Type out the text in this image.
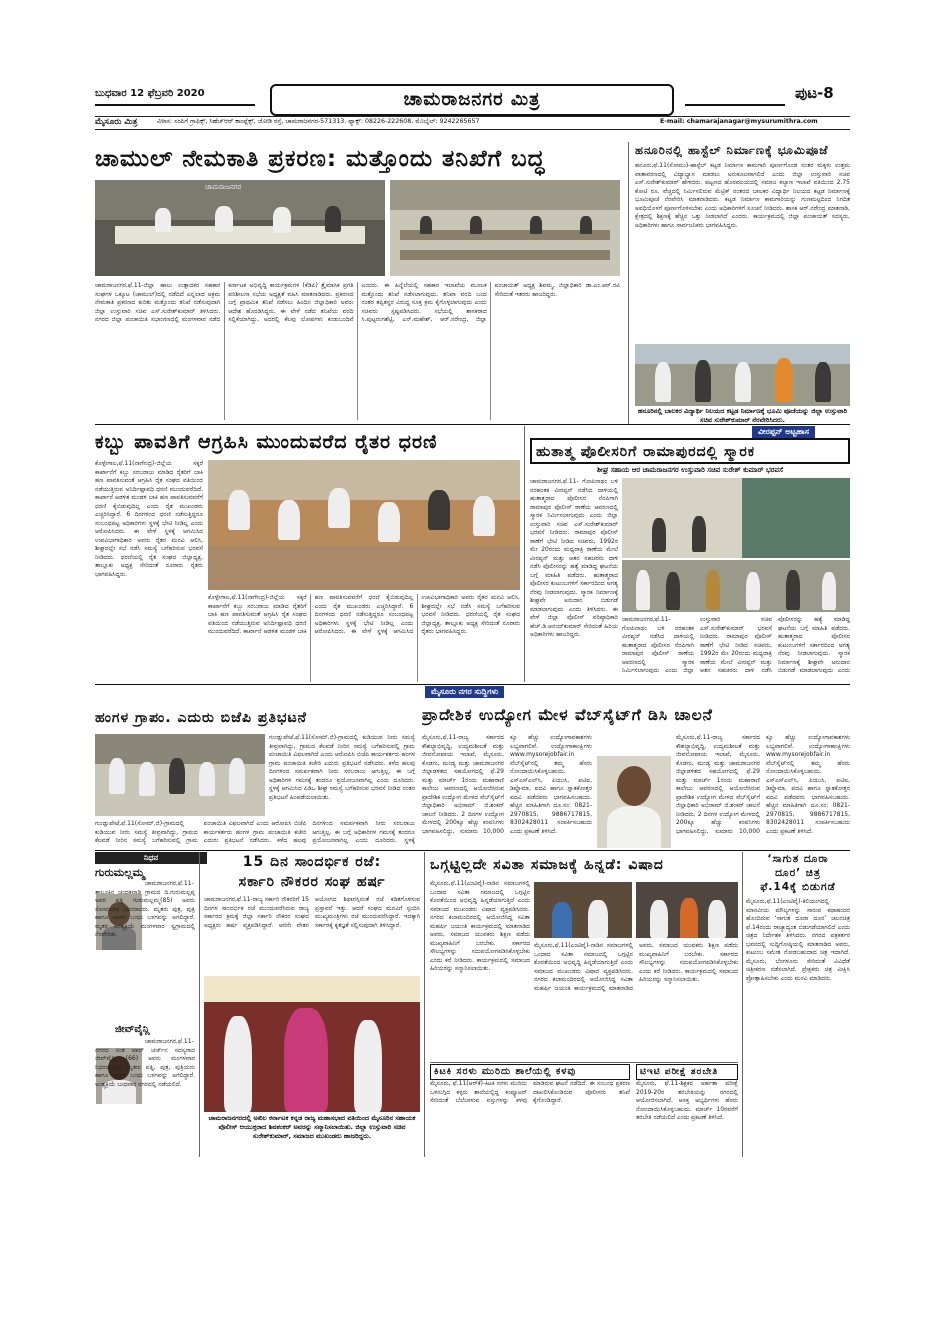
ಬುಧವಾರ 12 ಫೆಬ್ರವರಿ 2020	ಚಾಮರಾಜನಗರ ಮಿತ್ರ	ಪುಟ-8
ಮೈಸೂರು ಮಿತ್ರ	ವಿಳಾಸ: ಸಂಪಿಗೆ ಗ್ರಾಫಿಕ್ಸ್, ಸಿಹೆಚ್‌ಆರ್ ಕಾಂಪ್ಲೆಕ್ಸ್, ಜೋಡಿ ರಸ್ತೆ, ಚಾಮರಾಜನಗರ-571313. ಫ್ಯಾಕ್ಸ್: 08226-222608, ಮೊಬೈಲ್: 9242265657	E-mail: chamarajanagar@mysurumithra.com
ಚಾಮುಲ್ ನೇಮಕಾತಿ ಪ್ರಕರಣ: ಮತ್ತೊಂದು ತನಿಖೆಗೆ ಬದ್ಧ
ಚಾಮರಾಜನಗರ
ಚಾಮರಾಜನಗರ,ಫೆ.11-ಜಿಲ್ಲಾ ಹಾಲು ಉತ್ಪಾದಕರ ಸಹಕಾರ ಸಂಘಗಳ ಒಕ್ಕೂಟ (ಚಾಮುಲ್)ದಲ್ಲಿ ನಡೆದಿದೆ ಎನ್ನಲಾದ ಅಕ್ರಮ ನೇಮಕಾತಿ ಪ್ರಕರಣದ ಕುರಿತು ಮತ್ತೊಂದು ತನಿಖೆ ನಡೆಸುವುದಾಗಿ ಜಿಲ್ಲಾ ಉಸ್ತುವಾರಿ ಸಚಿವ ಎಸ್.ಸುರೇಶ್‌ಕುಮಾರ್ ತಿಳಿಸಿದರು. ನಗರದ ಜಿಲ್ಲಾ ಪಂಚಾಯಿತಿ ಸಭಾಂಗಣದಲ್ಲಿ ಮಂಗಳವಾರ ನಡೆದ ಕರ್ನಾಟಕ ಅಭಿವೃದ್ಧಿ ಕಾರ್ಯಕ್ರಮಗಳ (ಕೆಡಿಪಿ) ತ್ರೈಮಾಸಿಕ ಪ್ರಗತಿ ಪರಿಶೀಲನಾ ಸಭೆಯ ಅಧ್ಯಕ್ಷತೆ ವಹಿಸಿ ಮಾತನಾಡಿದರು. ಪ್ರಕರಣದ ಬಗ್ಗೆ ಪ್ರಾಥಮಿಕ ತನಿಖೆ ನಡೆಸಲು ಹಿಂದಿನ ಜಿಲ್ಲಾಧಿಕಾರಿ ಅವರು ಆದೇಶ ಹೊರಡಿಸಿದ್ದರು. ಈ ವೇಳೆ ನಡೆದ ತನಿಖೆಯ ವರದಿ ಸಲ್ಲಿಕೆಯಾಗಿದ್ದು, ಅದರಲ್ಲಿ ಕೆಲವು ಲೋಪಗಳು ಕಂಡುಬಂದಿವೆ ಎಂದರು. ಈ ಹಿನ್ನೆಲೆಯಲ್ಲಿ ಸಹಕಾರ ಇಲಾಖೆಯ ಮೂಲಕ ಮತ್ತೊಂದು ತನಿಖೆ ನಡೆಸಲಾಗುವುದು. ತನಿಖಾ ವರದಿ ಬಂದ ನಂತರ ತಪ್ಪಿತಸ್ಥರ ವಿರುದ್ಧ ಸೂಕ್ತ ಕ್ರಮ ಕೈಗೊಳ್ಳಲಾಗುವುದು ಎಂದು ಸಚಿವರು ಸ್ಪಷ್ಟಪಡಿಸಿದರು. ಸಭೆಯಲ್ಲಿ ಶಾಸಕರಾದ ಸಿ.ಪುಟ್ಟರಂಗಶೆಟ್ಟಿ, ಎನ್.ಮಹೇಶ್, ಆರ್.ನರೇಂದ್ರ, ಜಿಲ್ಲಾ ಪಂಚಾಯತ್ ಅಧ್ಯಕ್ಷ ಶಿವಮ್ಮ, ಜಿಲ್ಲಾಧಿಕಾರಿ ಡಾ.ಎಂ.ಆರ್.ರವಿ ಸೇರಿದಂತೆ ಇತರರು ಹಾಜರಿದ್ದರು.
ಹನೂರಿನಲ್ಲಿ ಹಾಸ್ಟೆಲ್ ನಿರ್ಮಾಣಕ್ಕೆ ಭೂಮಿಪೂಜೆ
ಹನೂರು,ಫೆ.11(ಸೋಮು)-ಹಾಸ್ಟೆಲ್ ಕಟ್ಟಡ ನಿರ್ಮಾಣ ಕಾಮಗಾರಿ ಪೂರ್ಣಗೊಂಡ ನಂತರ ಮಕ್ಕಳು ಉತ್ತಮ ವಾತಾವರಣದಲ್ಲಿ ವಿದ್ಯಾಭ್ಯಾಸ ಮಾಡಲು ಅನುಕೂಲವಾಗಲಿದೆ ಎಂದು ಜಿಲ್ಲಾ ಉಸ್ತುವಾರಿ ಸಚಿವ ಎಸ್.ಸುರೇಶ್‌ಕುಮಾರ್ ಹೇಳಿದರು. ಪಟ್ಟಣದ ಹೊರವಲಯದಲ್ಲಿ ಸಮಾಜ ಕಲ್ಯಾಣ ಇಲಾಖೆ ವತಿಯಿಂದ 2.75 ಕೋಟಿ ರೂ. ವೆಚ್ಚದಲ್ಲಿ ನಿರ್ಮಿಸಲಿರುವ ಮೆಟ್ರಿಕ್ ನಂತರದ ಬಾಲಕರ ವಿದ್ಯಾರ್ಥಿ ನಿಲಯದ ಕಟ್ಟಡ ನಿರ್ಮಾಣಕ್ಕೆ ಭೂಮಿಪೂಜೆ ನೆರವೇರಿಸಿ ಮಾತನಾಡಿದರು. ಕಟ್ಟಡ ನಿರ್ಮಾಣ ಕಾಮಗಾರಿಯನ್ನು ಗುಣಮಟ್ಟದಿಂದ ನಿಗದಿತ ಅವಧಿಯೊಳಗೆ ಪೂರ್ಣಗೊಳಿಸಬೇಕು ಎಂದು ಅಧಿಕಾರಿಗಳಿಗೆ ಸೂಚನೆ ನೀಡಿದರು. ಶಾಸಕ ಆರ್.ನರೇಂದ್ರ ಮಾತನಾಡಿ, ಕ್ಷೇತ್ರದಲ್ಲಿ ಶಿಕ್ಷಣಕ್ಕೆ ಹೆಚ್ಚಿನ ಒತ್ತು ನೀಡಲಾಗಿದೆ ಎಂದರು. ಕಾರ್ಯಕ್ರಮದಲ್ಲಿ ಜಿಲ್ಲಾ ಪಂಚಾಯತ್ ಸದಸ್ಯರು, ಅಧಿಕಾರಿಗಳು ಹಾಗೂ ಸಾರ್ವಜನಿಕರು ಭಾಗವಹಿಸಿದ್ದರು.
ಹನೂರಿನಲ್ಲಿ ಬಾಲಕರ ವಿದ್ಯಾರ್ಥಿ ನಿಲಯದ ಕಟ್ಟಡ ನಿರ್ಮಾಣಕ್ಕೆ ಭೂಮಿ ಪೂಜೆಯನ್ನು ಜಿಲ್ಲಾ ಉಸ್ತುವಾರಿ ಸಚಿವ ಸುರೇಶ್‌ಕುಮಾರ್ ನೆರವೇರಿಸಿದರು.
ಕಬ್ಬು ಪಾವತಿಗೆ ಆಗ್ರಹಿಸಿ ಮುಂದುವರೆದ ರೈತರ ಧರಣಿ
ಕೊಳ್ಳೇಗಾಲ,ಫೆ.11(ನಾಗೇಂದ್ರ)-ಜಿಲ್ಲೆಯ ಸಕ್ಕರೆ ಕಾರ್ಖಾನೆಗೆ ಕಬ್ಬು ಸರಬರಾಜು ಮಾಡಿದ ರೈತರಿಗೆ ಬಾಕಿ ಹಣ ಪಾವತಿಸುವಂತೆ ಆಗ್ರಹಿಸಿ ರೈತ ಸಂಘದ ವತಿಯಿಂದ ನಡೆಯುತ್ತಿರುವ ಅನಿರ್ದಿಷ್ಟಾವಧಿ ಧರಣಿ ಮುಂದುವರೆದಿದೆ. ಕಾರ್ಖಾನೆ ಆಡಳಿತ ಮಂಡಳಿ ಬಾಕಿ ಹಣ ಪಾವತಿಸುವವರೆಗೆ ಧರಣಿ ಕೈಬಿಡುವುದಿಲ್ಲ ಎಂದು ರೈತ ಮುಖಂಡರು ಎಚ್ಚರಿಸಿದ್ದಾರೆ. 6 ದಿನಗಳಿಂದ ಧರಣಿ ನಡೆಸುತ್ತಿದ್ದರೂ ಸಂಬಂಧಪಟ್ಟ ಅಧಿಕಾರಿಗಳು ಸ್ಥಳಕ್ಕೆ ಭೇಟಿ ನೀಡಿಲ್ಲ ಎಂದು ಆರೋಪಿಸಿದರು. ಈ ವೇಳೆ ಸ್ಥಳಕ್ಕೆ ಆಗಮಿಸಿದ ಉಪವಿಭಾಗಾಧಿಕಾರಿ ಅವರು ರೈತರ ಮನವಿ ಆಲಿಸಿ, ಶೀಘ್ರದಲ್ಲೇ ಸಭೆ ನಡೆಸಿ ಸಮಸ್ಯೆ ಬಗೆಹರಿಸುವ ಭರವಸೆ ನೀಡಿದರು. ಧರಣಿಯಲ್ಲಿ ರೈತ ಸಂಘದ ಜಿಲ್ಲಾಧ್ಯಕ್ಷ, ತಾಲ್ಲೂಕು ಅಧ್ಯಕ್ಷ ಸೇರಿದಂತೆ ನೂರಾರು ರೈತರು ಭಾಗವಹಿಸಿದ್ದರು.
ಕೊಳ್ಳೇಗಾಲ,ಫೆ.11(ನಾಗೇಂದ್ರ)-ಜಿಲ್ಲೆಯ ಸಕ್ಕರೆ ಕಾರ್ಖಾನೆಗೆ ಕಬ್ಬು ಸರಬರಾಜು ಮಾಡಿದ ರೈತರಿಗೆ ಬಾಕಿ ಹಣ ಪಾವತಿಸುವಂತೆ ಆಗ್ರಹಿಸಿ ರೈತ ಸಂಘದ ವತಿಯಿಂದ ನಡೆಯುತ್ತಿರುವ ಅನಿರ್ದಿಷ್ಟಾವಧಿ ಧರಣಿ ಮುಂದುವರೆದಿದೆ. ಕಾರ್ಖಾನೆ ಆಡಳಿತ ಮಂಡಳಿ ಬಾಕಿ ಹಣ ಪಾವತಿಸುವವರೆಗೆ ಧರಣಿ ಕೈಬಿಡುವುದಿಲ್ಲ ಎಂದು ರೈತ ಮುಖಂಡರು ಎಚ್ಚರಿಸಿದ್ದಾರೆ. 6 ದಿನಗಳಿಂದ ಧರಣಿ ನಡೆಸುತ್ತಿದ್ದರೂ ಸಂಬಂಧಪಟ್ಟ ಅಧಿಕಾರಿಗಳು ಸ್ಥಳಕ್ಕೆ ಭೇಟಿ ನೀಡಿಲ್ಲ ಎಂದು ಆರೋಪಿಸಿದರು. ಈ ವೇಳೆ ಸ್ಥಳಕ್ಕೆ ಆಗಮಿಸಿದ ಉಪವಿಭಾಗಾಧಿಕಾರಿ ಅವರು ರೈತರ ಮನವಿ ಆಲಿಸಿ, ಶೀಘ್ರದಲ್ಲೇ ಸಭೆ ನಡೆಸಿ ಸಮಸ್ಯೆ ಬಗೆಹರಿಸುವ ಭರವಸೆ ನೀಡಿದರು. ಧರಣಿಯಲ್ಲಿ ರೈತ ಸಂಘದ ಜಿಲ್ಲಾಧ್ಯಕ್ಷ, ತಾಲ್ಲೂಕು ಅಧ್ಯಕ್ಷ ಸೇರಿದಂತೆ ನೂರಾರು ರೈತರು ಭಾಗವಹಿಸಿದ್ದರು.
ವೀರಪ್ಪನ್ ಅಟ್ಟಹಾಸ
ಹುತಾತ್ಮ ಪೊಲೀಸರಿಗೆ ರಾಮಾಪುರದಲ್ಲಿ ಸ್ಮಾರಕ
ಶೀಘ್ರ ಸಹಾಯ ಆರ ಚಾಮರಾಜನಗರ ಉಸ್ತುವಾರಿ ಸಚಿವ ಸುರೇಶ್ ಕುಮಾರ್ ಭರವಸೆ
ಚಾಮರಾಜನಗರ,ಫೆ.11- ಗೋಪಿನಾಥಂ ಬಳಿ ನರಹಂತಕ ವೀರಪ್ಪನ್ ನಡೆಸಿದ ದಾಳಿಯಲ್ಲಿ ಹುತಾತ್ಮರಾದ ಪೊಲೀಸರ ನೆನಪಿಗಾಗಿ ರಾಮಾಪುರ ಪೊಲೀಸ್ ಠಾಣೆಯ ಆವರಣದಲ್ಲಿ ಸ್ಮಾರಕ ನಿರ್ಮಿಸಲಾಗುವುದು ಎಂದು ಜಿಲ್ಲಾ ಉಸ್ತುವಾರಿ ಸಚಿವ ಎಸ್.ಸುರೇಶ್‌ಕುಮಾರ್ ಭರವಸೆ ನೀಡಿದರು. ರಾಮಾಪುರ ಪೊಲೀಸ್ ಠಾಣೆಗೆ ಭೇಟಿ ನೀಡಿದ ಸಚಿವರು, 1992ರ ಮೇ 20ರಂದು ಮಧ್ಯರಾತ್ರಿ ಠಾಣೆಯ ಮೇಲೆ ವೀರಪ್ಪನ್ ಮತ್ತು ಆತನ ಸಹಚರರು ದಾಳಿ ನಡೆಸಿ ಪೊಲೀಸರನ್ನು ಹತ್ಯೆ ಮಾಡಿದ್ದ ಘಟನೆಯ ಬಗ್ಗೆ ಮಾಹಿತಿ ಪಡೆದರು. ಹುತಾತ್ಮರಾದ ಪೊಲೀಸರ ಕುಟುಂಬಗಳಿಗೆ ಸರ್ಕಾರದಿಂದ ಅಗತ್ಯ ನೆರವು ನೀಡಲಾಗುವುದು. ಸ್ಮಾರಕ ನಿರ್ಮಾಣಕ್ಕೆ ಶೀಘ್ರವೇ ಅನುದಾನ ಬಿಡುಗಡೆ ಮಾಡಲಾಗುವುದು ಎಂದು ತಿಳಿಸಿದರು. ಈ ವೇಳೆ ಜಿಲ್ಲಾ ಪೊಲೀಸ್ ವರಿಷ್ಠಾಧಿಕಾರಿ ಹೆಚ್.ಡಿ.ಆನಂದ್‌ಕುಮಾರ್ ಸೇರಿದಂತೆ ಹಿರಿಯ ಅಧಿಕಾರಿಗಳು ಹಾಜರಿದ್ದರು.
ಚಾಮರಾಜನಗರ,ಫೆ.11- ಗೋಪಿನಾಥಂ ಬಳಿ ನರಹಂತಕ ವೀರಪ್ಪನ್ ನಡೆಸಿದ ದಾಳಿಯಲ್ಲಿ ಹುತಾತ್ಮರಾದ ಪೊಲೀಸರ ನೆನಪಿಗಾಗಿ ರಾಮಾಪುರ ಪೊಲೀಸ್ ಠಾಣೆಯ ಆವರಣದಲ್ಲಿ ಸ್ಮಾರಕ ನಿರ್ಮಿಸಲಾಗುವುದು ಎಂದು ಜಿಲ್ಲಾ ಉಸ್ತುವಾರಿ ಸಚಿವ ಎಸ್.ಸುರೇಶ್‌ಕುಮಾರ್ ಭರವಸೆ ನೀಡಿದರು. ರಾಮಾಪುರ ಪೊಲೀಸ್ ಠಾಣೆಗೆ ಭೇಟಿ ನೀಡಿದ ಸಚಿವರು, 1992ರ ಮೇ 20ರಂದು ಮಧ್ಯರಾತ್ರಿ ಠಾಣೆಯ ಮೇಲೆ ವೀರಪ್ಪನ್ ಮತ್ತು ಆತನ ಸಹಚರರು ದಾಳಿ ನಡೆಸಿ ಪೊಲೀಸರನ್ನು ಹತ್ಯೆ ಮಾಡಿದ್ದ ಘಟನೆಯ ಬಗ್ಗೆ ಮಾಹಿತಿ ಪಡೆದರು. ಹುತಾತ್ಮರಾದ ಪೊಲೀಸರ ಕುಟುಂಬಗಳಿಗೆ ಸರ್ಕಾರದಿಂದ ಅಗತ್ಯ ನೆರವು ನೀಡಲಾಗುವುದು. ಸ್ಮಾರಕ ನಿರ್ಮಾಣಕ್ಕೆ ಶೀಘ್ರವೇ ಅನುದಾನ ಬಿಡುಗಡೆ ಮಾಡಲಾಗುವುದು ಎಂದು
ಹಂಗಳ ಗ್ರಾಪಂ. ಎದುರು ಬಿಜೆಪಿ ಪ್ರತಿಭಟನೆ
ಗುಂಡ್ಲುಪೇಟೆ,ಫೆ.11(ಸೋಮ್.ಜಿ)-ಗ್ರಾಮದಲ್ಲಿ ಕುಡಿಯುವ ನೀರು ಸಮಸ್ಯೆ ತೀವ್ರವಾಗಿದ್ದು, ಗ್ರಾಮದ ಕೆಲವಡೆ ನೀರಿನ ಸಮಸ್ಯೆ ಬಗೆಹರಿಸುವಲ್ಲಿ ಗ್ರಾಮ ಪಂಚಾಯಿತಿ ವಿಫಲವಾಗಿದೆ ಎಂದು ಆರೋಪಿಸಿ ಬಿಜೆಪಿ ಕಾರ್ಯಕರ್ತರು ಹಂಗಳ ಗ್ರಾಮ ಪಂಚಾಯಿತಿ ಕಚೇರಿ ಎದುರು ಪ್ರತಿಭಟನೆ ನಡೆಸಿದರು. ಕಳೆದ ಹಲವು ದಿನಗಳಿಂದ ಸಮರ್ಪಕವಾಗಿ ನೀರು ಸರಬರಾಜು ಆಗುತ್ತಿಲ್ಲ. ಈ ಬಗ್ಗೆ ಅಧಿಕಾರಿಗಳ ಗಮನಕ್ಕೆ ತಂದರೂ ಪ್ರಯೋಜನವಾಗಿಲ್ಲ ಎಂದು ದೂರಿದರು. ಸ್ಥಳಕ್ಕೆ ಆಗಮಿಸಿದ ಪಿಡಿಒ ಶೀಘ್ರ ಸಮಸ್ಯೆ ಬಗೆಹರಿಸುವ ಭರವಸೆ ನೀಡಿದ ನಂತರ ಪ್ರತಿಭಟನೆ ಹಿಂಪಡೆಯಲಾಯಿತು.
ಗುಂಡ್ಲುಪೇಟೆ,ಫೆ.11(ಸೋಮ್.ಜಿ)-ಗ್ರಾಮದಲ್ಲಿ ಕುಡಿಯುವ ನೀರು ಸಮಸ್ಯೆ ತೀವ್ರವಾಗಿದ್ದು, ಗ್ರಾಮದ ಕೆಲವಡೆ ನೀರಿನ ಸಮಸ್ಯೆ ಬಗೆಹರಿಸುವಲ್ಲಿ ಗ್ರಾಮ ಪಂಚಾಯಿತಿ ವಿಫಲವಾಗಿದೆ ಎಂದು ಆರೋಪಿಸಿ ಬಿಜೆಪಿ ಕಾರ್ಯಕರ್ತರು ಹಂಗಳ ಗ್ರಾಮ ಪಂಚಾಯಿತಿ ಕಚೇರಿ ಎದುರು ಪ್ರತಿಭಟನೆ ನಡೆಸಿದರು. ಕಳೆದ ಹಲವು ದಿನಗಳಿಂದ ಸಮರ್ಪಕವಾಗಿ ನೀರು ಸರಬರಾಜು ಆಗುತ್ತಿಲ್ಲ. ಈ ಬಗ್ಗೆ ಅಧಿಕಾರಿಗಳ ಗಮನಕ್ಕೆ ತಂದರೂ ಪ್ರಯೋಜನವಾಗಿಲ್ಲ ಎಂದು ದೂರಿದರು. ಸ್ಥಳಕ್ಕೆ
ಮೈಸೂರು ನಗರ ಸುದ್ದಿಗಳು
ಪ್ರಾದೇಶಿಕ ಉದ್ಯೋಗ ಮೇಳ ವೆಬ್‌ಸೈಟ್‌ಗೆ ಡಿಸಿ ಚಾಲನೆ
ಮೈಸೂರು,ಫೆ.11-ರಾಜ್ಯ ಸರ್ಕಾರದ ಕೌಶಲ್ಯಾಭಿವೃದ್ಧಿ, ಉದ್ಯಮಶೀಲತೆ ಮತ್ತು ಜೀವನೋಪಾಯ ಇಲಾಖೆ, ಮೈಸೂರು, ಕೊಡಗು, ಮಂಡ್ಯ ಮತ್ತು ಚಾಮರಾಜನಗರ ಜಿಲ್ಲಾಡಳಿತದ ಸಹಯೋಗದಲ್ಲಿ ಫೆ.29 ಮತ್ತು ಮಾರ್ಚ್ 1ರಂದು ಮಹಾರಾಣಿ ಕಾಲೇಜು ಆವರಣದಲ್ಲಿ ಆಯೋಜಿಸಿರುವ ಪ್ರಾದೇಶಿಕ ಉದ್ಯೋಗ ಮೇಳದ ವೆಬ್‌ಸೈಟ್‌ಗೆ ಜಿಲ್ಲಾಧಿಕಾರಿ ಅಭಿರಾಮ್ ಜಿ.ಶಂಕರ್ ಚಾಲನೆ ನೀಡಿದರು. 2 ದಿನಗಳ ಉದ್ಯೋಗ ಮೇಳದಲ್ಲಿ 200ಕ್ಕೂ ಹೆಚ್ಚು ಕಂಪನಿಗಳು ಭಾಗವಹಿಸಲಿದ್ದು, ಸುಮಾರು 10,000 ಕ್ಕೂ ಹೆಚ್ಚು ಉದ್ಯೋಗಾವಕಾಶಗಳು ಲಭ್ಯವಾಗಲಿವೆ. ಉದ್ಯೋಗಾಕಾಂಕ್ಷಿಗಳು www.mysorejobfair.in ವೆಬ್‌ಸೈಟ್‌ನಲ್ಲಿ ತಮ್ಮ ಹೆಸರು ನೋಂದಾಯಿಸಿಕೊಳ್ಳಬಹುದು. ಎಸ್‌ಎಸ್‌ಎಲ್‌ಸಿ, ಪಿಯುಸಿ, ಐಟಿಐ, ಡಿಪ್ಲೊಮಾ, ಪದವಿ ಹಾಗೂ ಸ್ನಾತಕೋತ್ತರ ಪದವಿ ಪಡೆದವರು ಭಾಗವಹಿಸಬಹುದು. ಹೆಚ್ಚಿನ ಮಾಹಿತಿಗಾಗಿ ದೂ.ಸಂ: 0821-2970815, 9886717815, 8302428011 ಸಂಪರ್ಕಿಸಬಹುದು ಎಂದು ಪ್ರಕಟಣೆ ತಿಳಿಸಿದೆ.
ಮೈಸೂರು,ಫೆ.11-ರಾಜ್ಯ ಸರ್ಕಾರದ ಕೌಶಲ್ಯಾಭಿವೃದ್ಧಿ, ಉದ್ಯಮಶೀಲತೆ ಮತ್ತು ಜೀವನೋಪಾಯ ಇಲಾಖೆ, ಮೈಸೂರು, ಕೊಡಗು, ಮಂಡ್ಯ ಮತ್ತು ಚಾಮರಾಜನಗರ ಜಿಲ್ಲಾಡಳಿತದ ಸಹಯೋಗದಲ್ಲಿ ಫೆ.29 ಮತ್ತು ಮಾರ್ಚ್ 1ರಂದು ಮಹಾರಾಣಿ ಕಾಲೇಜು ಆವರಣದಲ್ಲಿ ಆಯೋಜಿಸಿರುವ ಪ್ರಾದೇಶಿಕ ಉದ್ಯೋಗ ಮೇಳದ ವೆಬ್‌ಸೈಟ್‌ಗೆ ಜಿಲ್ಲಾಧಿಕಾರಿ ಅಭಿರಾಮ್ ಜಿ.ಶಂಕರ್ ಚಾಲನೆ ನೀಡಿದರು. 2 ದಿನಗಳ ಉದ್ಯೋಗ ಮೇಳದಲ್ಲಿ 200ಕ್ಕೂ ಹೆಚ್ಚು ಕಂಪನಿಗಳು ಭಾಗವಹಿಸಲಿದ್ದು, ಸುಮಾರು 10,000 ಕ್ಕೂ ಹೆಚ್ಚು ಉದ್ಯೋಗಾವಕಾಶಗಳು ಲಭ್ಯವಾಗಲಿವೆ. ಉದ್ಯೋಗಾಕಾಂಕ್ಷಿಗಳು www.mysorejobfair.in ವೆಬ್‌ಸೈಟ್‌ನಲ್ಲಿ ತಮ್ಮ ಹೆಸರು ನೋಂದಾಯಿಸಿಕೊಳ್ಳಬಹುದು. ಎಸ್‌ಎಸ್‌ಎಲ್‌ಸಿ, ಪಿಯುಸಿ, ಐಟಿಐ, ಡಿಪ್ಲೊಮಾ, ಪದವಿ ಹಾಗೂ ಸ್ನಾತಕೋತ್ತರ ಪದವಿ ಪಡೆದವರು ಭಾಗವಹಿಸಬಹುದು. ಹೆಚ್ಚಿನ ಮಾಹಿತಿಗಾಗಿ ದೂ.ಸಂ: 0821-2970815, 9886717815, 8302428011 ಸಂಪರ್ಕಿಸಬಹುದು ಎಂದು ಪ್ರಕಟಣೆ ತಿಳಿಸಿದೆ.
ನಿಧನ
ಗುರುಮಲ್ಲಮ್ಮ
ಚಾಮರಾಜನಗರ,ಫೆ.11-ತಾಲೂಕಿನ ಚಂದಕವಾಡಿ ಗ್ರಾಮದ ದಿ.ಗುರುಮಲ್ಲಪ್ಪ ಅವರ ಪತ್ನಿ ಗುರುಮಲ್ಲಮ್ಮ(85) ಅವರು ಸೋಮವಾರ ನಿಧನರಾದರು. ಮೃತರು ಪುತ್ರ, ಪುತ್ರಿ ಹಾಗೂ ಅಪಾರ ಬಂಧು ಬಳಗವನ್ನು ಅಗಲಿದ್ದಾರೆ. ಮೃತರ ಅಂತ್ಯಕ್ರಿಯೆ ಮಂಗಳವಾರ ಸ್ವಗ್ರಾಮದಲ್ಲಿ ನೆರವೇರಿತು.
ಜೀವ್‌ವೈನ್ಲಿ
ಚಾಮರಾಜನಗರ,ಫೆ.11-ನಗರದ ಸಂತ ಪಾಲ್ ಚರ್ಚ್‌ನ ಸದಸ್ಯರಾದ ಜೀವ್‌ವೈನ್ಲಿ (66) ಅವರು ಮಂಗಳವಾರ ನಿಧನರಾದರು. ಮೃತರು ಪತ್ನಿ, ಪುತ್ರ, ಪುತ್ರಿಯರು ಹಾಗೂ ಅಪಾರ ಬಂಧು ಬಳಗವನ್ನು ಅಗಲಿದ್ದಾರೆ. ಅಂತ್ಯಕ್ರಿಯೆ ಬುಧವಾರ ನಗರದಲ್ಲಿ ನಡೆಯಲಿದೆ.
15 ದಿನ ಸಾಂದರ್ಭಿಕ ರಜೆ:
ಸರ್ಕಾರಿ ನೌಕರರ ಸಂಘ ಹರ್ಷ
ಚಾಮರಾಜನಗರ,ಫೆ.11-ರಾಜ್ಯ ಸರ್ಕಾರಿ ನೌಕರರಿಗೆ 15 ದಿನಗಳ ಸಾಂದರ್ಭಿಕ ರಜೆ ಮುಂದುವರೆಸಿರುವ ರಾಜ್ಯ ಸರ್ಕಾರದ ಕ್ರಮಕ್ಕೆ ಜಿಲ್ಲಾ ಸರ್ಕಾರಿ ನೌಕರರ ಸಂಘದ ಅಧ್ಯಕ್ಷರು ಹರ್ಷ ವ್ಯಕ್ತಪಡಿಸಿದ್ದಾರೆ. ಆರನೇ ವೇತನ ಆಯೋಗದ ಶಿಫಾರಸ್ಸಿನಂತೆ ರಜೆ ಕಡಿತಗೊಳಿಸುವ ಪ್ರಸ್ತಾವನೆ ಇತ್ತು. ಆದರೆ ಸಂಘದ ಮನವಿಗೆ ಸ್ಪಂದಿಸಿ ಮುಖ್ಯಮಂತ್ರಿಗಳು ರಜೆ ಮುಂದುವರೆಸಿದ್ದಾರೆ. ಇದಕ್ಕಾಗಿ ಸರ್ಕಾರಕ್ಕೆ ಕೃತಜ್ಞತೆ ಸಲ್ಲಿಸುವುದಾಗಿ ತಿಳಿಸಿದ್ದಾರೆ.
ಚಾಮರಾಜನಗರದಲ್ಲಿ ಅಖಿಲ ಕರ್ನಾಟಕ ಕನ್ನಡ ರಾಜ್ಯ ಮಹಾಸಭಾದ ವತಿಯಿಂದ ಮೈಸೂರಿನ ಸಹಾಯಕ ಪೊಲೀಸ್ ಆಯುಕ್ತರಾದ ಶಿವಶಂಕರ್ ಅವರನ್ನು ಸನ್ಮಾನಿಸಲಾಯಿತು. ಜಿಲ್ಲಾ ಉಸ್ತುವಾರಿ ಸಚಿವ ಸುರೇಶ್‌ಕುಮಾರ್, ಸಮಾಜದ ಮುಖಂಡರು ಹಾಜರಿದ್ದರು.
ಒಗ್ಗಟ್ಟಿಲ್ಲದೇ ಸವಿತಾ ಸಮಾಜಕ್ಕೆ ಹಿನ್ನಡೆ: ವಿಷಾದ
ಮೈಸೂರು,ಫೆ.11(ಎಂಟಿವೈ)-ನಾಡಿನ ಸಮಾಜಗಳಲ್ಲಿ ಒಂದಾದ ಸವಿತಾ ಸಮಾಜದಲ್ಲಿ ಒಗ್ಗಟ್ಟಿನ ಕೊರತೆಯಿಂದ ಅಭಿವೃದ್ಧಿ ಹಿನ್ನಡೆಯಾಗುತ್ತಿದೆ ಎಂದು ಸಮಾಜದ ಮುಖಂಡರು ವಿಷಾದ ವ್ಯಕ್ತಪಡಿಸಿದರು. ನಗರದ ಕಲಾಮಂದಿರದಲ್ಲಿ ಆಯೋಜಿಸಿದ್ದ ಸವಿತಾ ಮಹರ್ಷಿ ಜಯಂತಿ ಕಾರ್ಯಕ್ರಮದಲ್ಲಿ ಮಾತನಾಡಿದ ಅವರು, ಸಮಾಜದ ಯುವಕರು ಶಿಕ್ಷಣ ಪಡೆದು ಮುಖ್ಯವಾಹಿನಿಗೆ ಬರಬೇಕು. ಸರ್ಕಾರದ ಸೌಲಭ್ಯಗಳನ್ನು ಸದುಪಯೋಗಪಡಿಸಿಕೊಳ್ಳಬೇಕು ಎಂದು ಕರೆ ನೀಡಿದರು. ಕಾರ್ಯಕ್ರಮದಲ್ಲಿ ಸಮಾಜದ ಹಿರಿಯರನ್ನು ಸನ್ಮಾನಿಸಲಾಯಿತು.
ಮೈಸೂರು,ಫೆ.11(ಎಂಟಿವೈ)-ನಾಡಿನ ಸಮಾಜಗಳಲ್ಲಿ ಒಂದಾದ ಸವಿತಾ ಸಮಾಜದಲ್ಲಿ ಒಗ್ಗಟ್ಟಿನ ಕೊರತೆಯಿಂದ ಅಭಿವೃದ್ಧಿ ಹಿನ್ನಡೆಯಾಗುತ್ತಿದೆ ಎಂದು ಸಮಾಜದ ಮುಖಂಡರು ವಿಷಾದ ವ್ಯಕ್ತಪಡಿಸಿದರು. ನಗರದ ಕಲಾಮಂದಿರದಲ್ಲಿ ಆಯೋಜಿಸಿದ್ದ ಸವಿತಾ ಮಹರ್ಷಿ ಜಯಂತಿ ಕಾರ್ಯಕ್ರಮದಲ್ಲಿ ಮಾತನಾಡಿದ ಅವರು, ಸಮಾಜದ ಯುವಕರು ಶಿಕ್ಷಣ ಪಡೆದು ಮುಖ್ಯವಾಹಿನಿಗೆ ಬರಬೇಕು. ಸರ್ಕಾರದ ಸೌಲಭ್ಯಗಳನ್ನು ಸದುಪಯೋಗಪಡಿಸಿಕೊಳ್ಳಬೇಕು ಎಂದು ಕರೆ ನೀಡಿದರು. ಕಾರ್ಯಕ್ರಮದಲ್ಲಿ ಸಮಾಜದ ಹಿರಿಯರನ್ನು ಸನ್ಮಾನಿಸಲಾಯಿತು.
ಕಿಟಕಿ ಸರಳು ಮುರಿದು ಶಾಲೆಯಲ್ಲಿ ಕಳವು
ಮೈಸೂರು, ಫೆ.11(ಆರ್‌ಕೆ)-ಕಿಟಕಿ ಸರಳು ಮುರಿದು ಒಳನುಗ್ಗಿದ ಕಳ್ಳರು ಶಾಲೆಯಲ್ಲಿದ್ದ ಕಂಪ್ಯೂಟರ್ ಸೇರಿದಂತೆ ಬೆಲೆಬಾಳುವ ವಸ್ತುಗಳನ್ನು ಕಳವು ಮಾಡಿರುವ ಘಟನೆ ನಡೆದಿದೆ. ಈ ಸಂಬಂಧ ಪ್ರಕರಣ ದಾಖಲಿಸಿಕೊಂಡಿರುವ ಪೊಲೀಸರು ತನಿಖೆ ಕೈಗೊಂಡಿದ್ದಾರೆ.
ಟಿಇಟಿ ಪರೀಕ್ಷೆ ತರಬೇತಿ
ಮೈಸೂರು, ಫೆ.11-ಶಿಕ್ಷಕರ ಅರ್ಹತಾ ಪರೀಕ್ಷೆ 2019-20ರ ತರಬೇತಿಯನ್ನು ನಗರದಲ್ಲಿ ಆಯೋಜಿಸಲಾಗಿದೆ. ಆಸಕ್ತ ಅಭ್ಯರ್ಥಿಗಳು ಹೆಸರು ನೋಂದಾಯಿಸಿಕೊಳ್ಳಬಹುದು. ಮಾರ್ಚ್ 10ರವರೆಗೆ ತರಬೇತಿ ನಡೆಯಲಿದೆ ಎಂದು ಪ್ರಕಟಣೆ ತಿಳಿಸಿದೆ.
‘ಸಾಗುತ ದೂರಾ
ದೂರ’ ಚಿತ್ರ
ಫೆ.14ಕ್ಕೆ ಬಿಡುಗಡೆ
ಮೈಸೂರು,ಫೆ.11(ಎಂಟಿವೈ)-ಕಲಿಯುಗದಲ್ಲಿ ಮಾನವೀಯ ಮೌಲ್ಯಗಳನ್ನು ಸಾರುವ ಕಥಾಹಂದರ ಹೊಂದಿರುವ ‘ಸಾಗುತ ದೂರಾ ದೂರ’ ಚಲನಚಿತ್ರ ಫೆ.14ರಂದು ರಾಜ್ಯಾದ್ಯಂತ ಬಿಡುಗಡೆಯಾಗಲಿದೆ ಎಂದು ಚಿತ್ರದ ನಿರ್ದೇಶಕ ತಿಳಿಸಿದರು. ನಗರದ ಪತ್ರಕರ್ತರ ಭವನದಲ್ಲಿ ಸುದ್ದಿಗೋಷ್ಠಿಯಲ್ಲಿ ಮಾತನಾಡಿದ ಅವರು, ಕುಟುಂಬ ಸಮೇತ ನೋಡಬಹುದಾದ ಚಿತ್ರ ಇದಾಗಿದೆ. ಮೈಸೂರು, ಬೆಂಗಳೂರು ಸೇರಿದಂತೆ ವಿವಿಧೆಡೆ ಚಿತ್ರೀಕರಣ ನಡೆಸಲಾಗಿದೆ. ಪ್ರೇಕ್ಷಕರು ಚಿತ್ರ ವೀಕ್ಷಿಸಿ ಪ್ರೋತ್ಸಾಹಿಸಬೇಕು ಎಂದು ಮನವಿ ಮಾಡಿದರು.
